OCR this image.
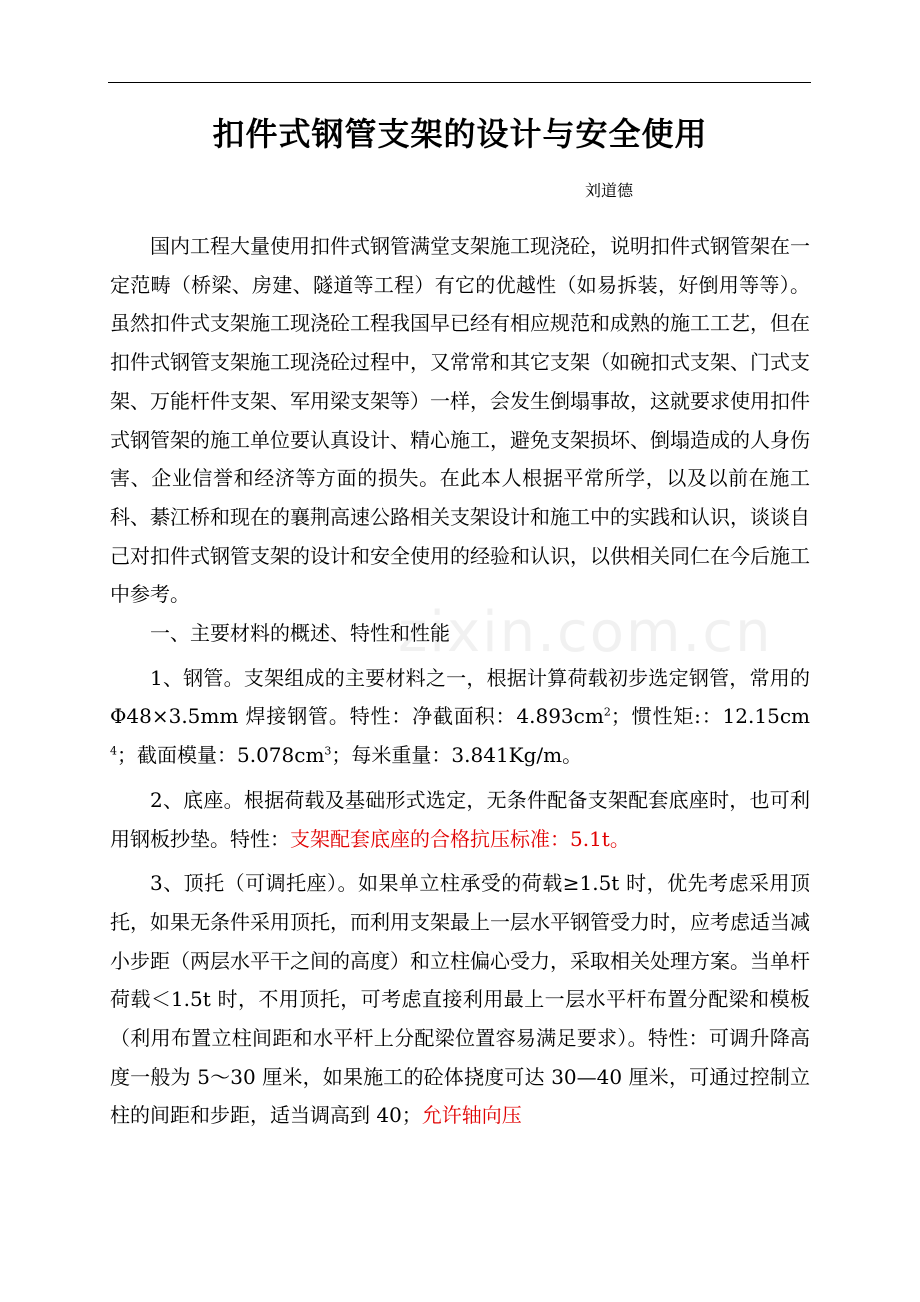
扣件式钢管支架的设计与安全使用
刘道德

国内工程大量使用扣件式钢管满堂支架施工现浇砼，说明扣件式钢管架在一定范畴（桥梁、房建、隧道等工程）有它的优越性（如易拆装，好倒用等等）。虽然扣件式支架施工现浇砼工程我国早已经有相应规范和成熟的施工工艺，但在扣件式钢管支架施工现浇砼过程中，又常常和其它支架（如碗扣式支架、门式支架、万能杆件支架、军用梁支架等）一样，会发生倒塌事故，这就要求使用扣件式钢管架的施工单位要认真设计、精心施工，避免支架损坏、倒塌造成的人身伤害、企业信誉和经济等方面的损失。在此本人根据平常所学，以及以前在施工科、綦江桥和现在的襄荆高速公路相关支架设计和施工中的实践和认识，谈谈自己对扣件式钢管支架的设计和安全使用的经验和认识，以供相关同仁在今后施工中参考。

一、主要材料的概述、特性和性能

1、钢管。支架组成的主要材料之一，根据计算荷载初步选定钢管，常用的Φ48×3.5mm 焊接钢管。特性：净截面积：$4.893cm^2$；惯性矩:：$12.15cm^4$；截面模量：$5.078cm^3$；每米重量：3.841Kg/m。

2、底座。根据荷载及基础形式选定，无条件配备支架配套底座时，也可利用钢板抄垫。特性：支架配套底座的合格抗压标准：5.1t。

3、顶托（可调托座）。如果单立柱承受的荷载≥1.5t 时，优先考虑采用顶托，如果无条件采用顶托，而利用支架最上一层水平钢管受力时，应考虑适当减小步距（两层水平干之间的高度）和立柱偏心受力，采取相关处理方案。当单杆荷载＜1.5t 时，不用顶托，可考虑直接利用最上一层水平杆布置分配梁和模板（利用布置立柱间距和水平杆上分配梁位置容易满足要求）。特性：可调升降高度一般为 5～30 厘米，如果施工的砼体挠度可达 30—40 厘米，可通过控制立柱的间距和步距，适当调高到 40；允许轴向压

zixin.com.cn
